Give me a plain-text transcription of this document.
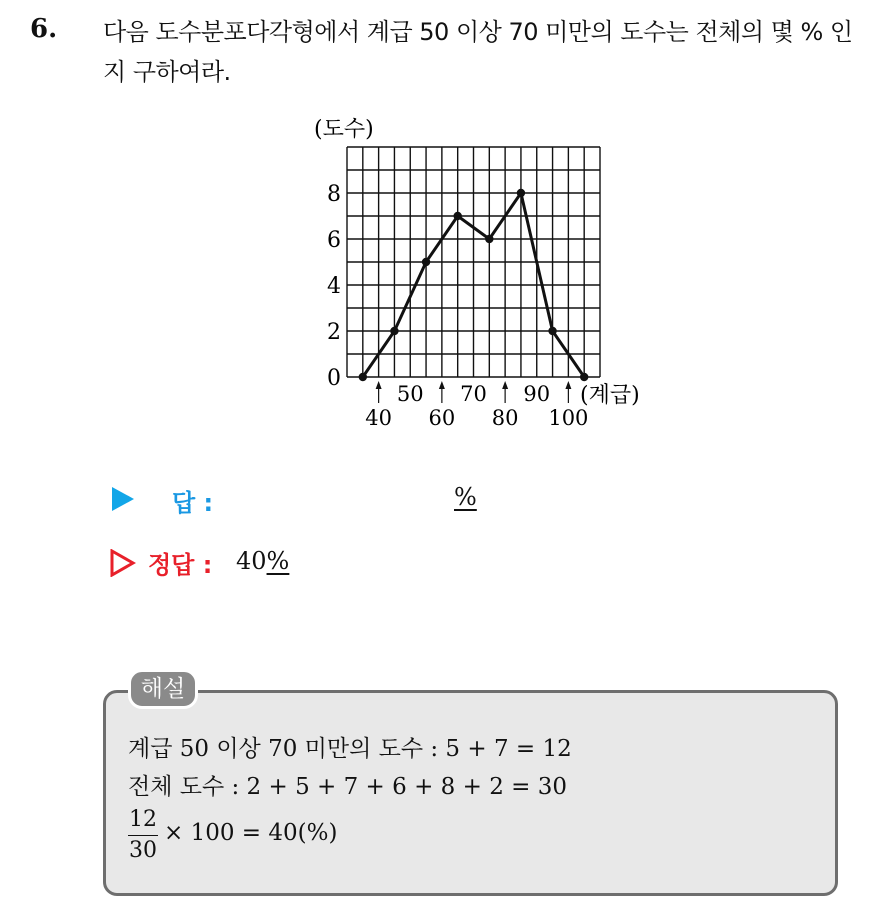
6. 다음 도수분포다각형에서 계급 50 이상 70 미만의 도수는 전체의 몇 % 인지 구하여라.
0
2
4
6
8
50 70 90
40 60 80 100
(도수)
(계급)
답 :	%
정답 : 40%
해설
계급 50 이상 70 미만의 도수 : 5 + 7 = 12
전체 도수 : 2 + 5 + 7 + 6 + 8 + 2 = 30
12
30
× 100 = 40(%)
